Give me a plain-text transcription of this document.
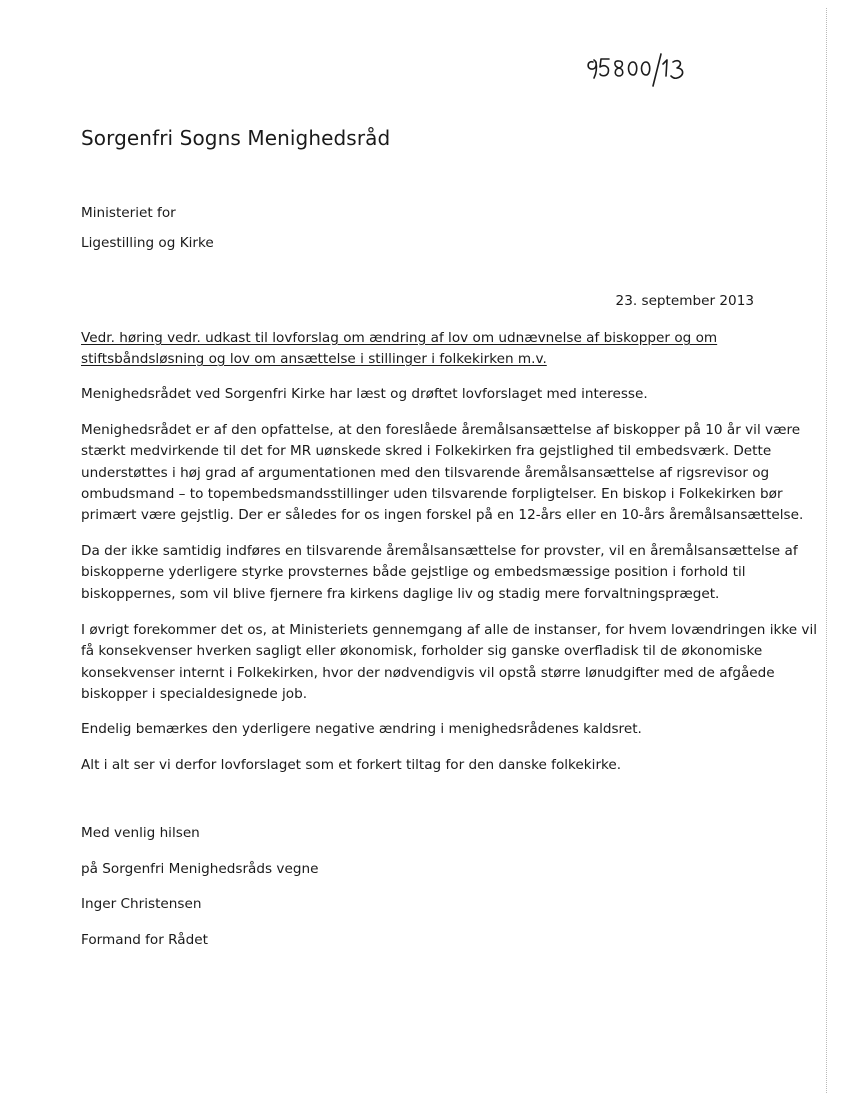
Sorgenfri Sogns Menighedsråd
Ministeriet for
Ligestilling og Kirke
23. september 2013
Vedr. høring vedr. udkast til lovforslag om ændring af lov om udnævnelse af biskopper og om
stiftsbåndsløsning og lov om ansættelse i stillinger i folkekirken m.v.
Menighedsrådet ved Sorgenfri Kirke har læst og drøftet lovforslaget med interesse.
Menighedsrådet er af den opfattelse, at den foreslåede åremålsansættelse af biskopper på 10 år vil være
stærkt medvirkende til det for MR uønskede skred i Folkekirken fra gejstlighed til embedsværk. Dette
understøttes i høj grad af argumentationen med den tilsvarende åremålsansættelse af rigsrevisor og
ombudsmand – to topembedsmandsstillinger uden tilsvarende forpligtelser. En biskop i Folkekirken bør
primært være gejstlig. Der er således for os ingen forskel på en 12-års eller en 10-års åremålsansættelse.
Da der ikke samtidig indføres en tilsvarende åremålsansættelse for provster, vil en åremålsansættelse af
biskopperne yderligere styrke provsternes både gejstlige og embedsmæssige position i forhold til
biskoppernes, som vil blive fjernere fra kirkens daglige liv og stadig mere forvaltningspræget.
I øvrigt forekommer det os, at Ministeriets gennemgang af alle de instanser, for hvem lovændringen ikke vil
få konsekvenser hverken sagligt eller økonomisk, forholder sig ganske overfladisk til de økonomiske
konsekvenser internt i Folkekirken, hvor der nødvendigvis vil opstå større lønudgifter med de afgåede
biskopper i specialdesignede job.
Endelig bemærkes den yderligere negative ændring i menighedsrådenes kaldsret.
Alt i alt ser vi derfor lovforslaget som et forkert tiltag for den danske folkekirke.
Med venlig hilsen
på Sorgenfri Menighedsråds vegne
Inger Christensen
Formand for Rådet
